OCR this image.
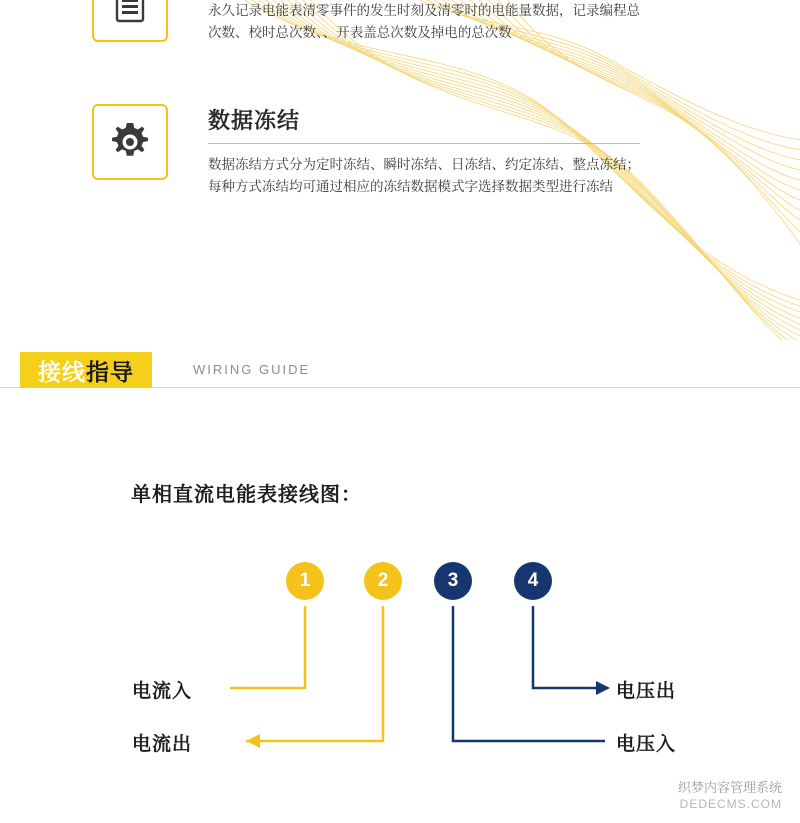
永久记录电能表清零事件的发生时刻及清零时的电能量数据，记录编程总次数、校时总次数、、开表盖总次数及掉电的总次数
数据冻结
数据冻结方式分为定时冻结、瞬时冻结、日冻结、约定冻结、整点冻结；每种方式冻结均可通过相应的冻结数据模式字选择数据类型进行冻结
接线 指导	WIRING GUIDE
单相直流电能表接线图：
1	2	3	4
电流入
电流出
电压出
电压入
织梦内容管理系统
DEDECMS.COM
